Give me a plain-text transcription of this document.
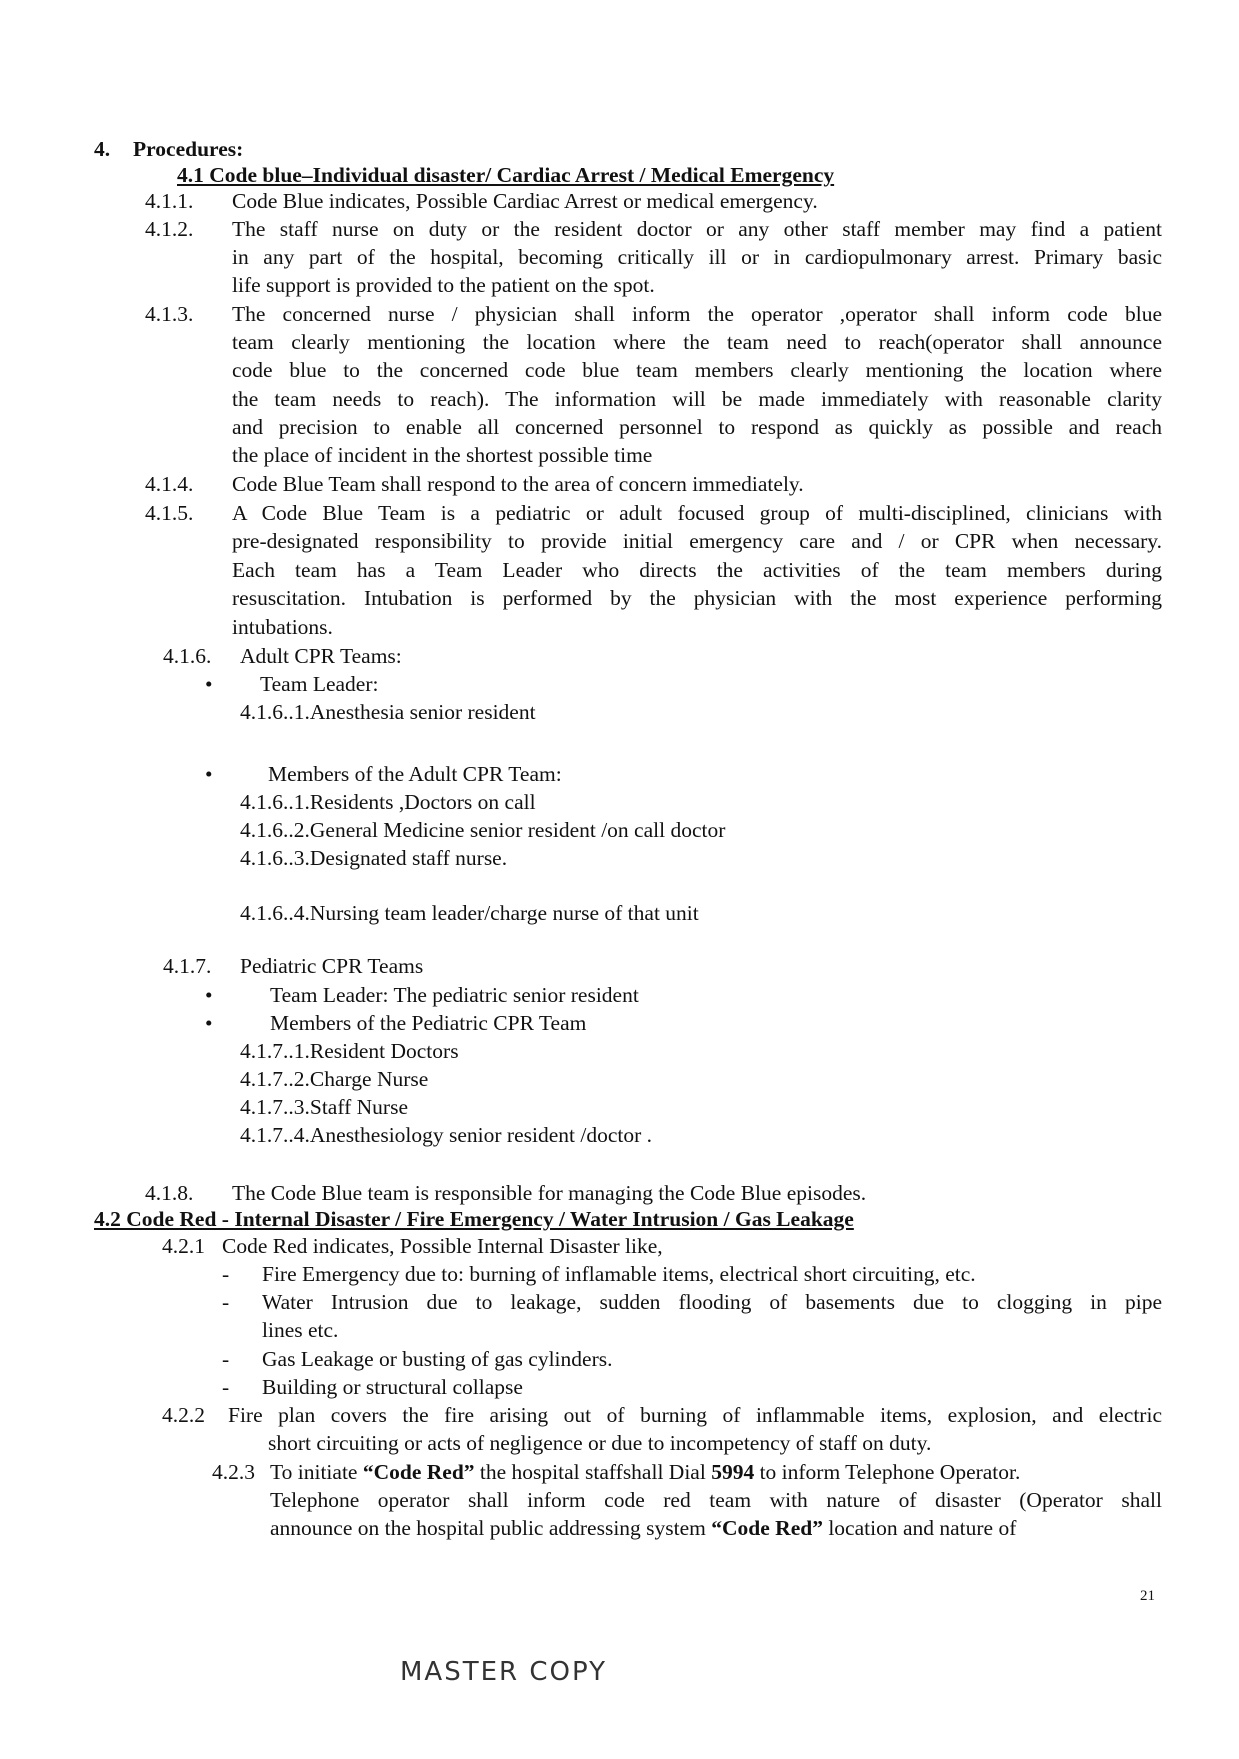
4. Procedures:
4.1 Code blue–Individual disaster/ Cardiac Arrest / Medical Emergency
4.1.1. Code Blue indicates, Possible Cardiac Arrest or medical emergency.
4.1.2. The staff nurse on duty or the resident doctor or any other staff member may find a patient
in any part of the hospital, becoming critically ill or in cardiopulmonary arrest. Primary basic
life support is provided to the patient on the spot.
4.1.3. The concerned nurse / physician shall inform the operator ,operator shall inform code blue
team clearly mentioning the location where the team need to reach(operator shall announce
code blue to the concerned code blue team members clearly mentioning the location where
the team needs to reach). The information will be made immediately with reasonable clarity
and precision to enable all concerned personnel to respond as quickly as possible and reach
the place of incident in the shortest possible time
4.1.4. Code Blue Team shall respond to the area of concern immediately.
4.1.5. A Code Blue Team is a pediatric or adult focused group of multi-disciplined, clinicians with
pre-designated responsibility to provide initial emergency care and / or CPR when necessary.
Each team has a Team Leader who directs the activities of the team members during
resuscitation. Intubation is performed by the physician with the most experience performing
intubations.
4.1.6. Adult CPR Teams:
• Team Leader:
4.1.6..1.Anesthesia senior resident
•	Members of the Adult CPR Team:
4.1.6..1.Residents ,Doctors on call
4.1.6..2.General Medicine senior resident /on call doctor
4.1.6..3.Designated staff nurse.
4.1.6..4.Nursing team leader/charge nurse of that unit
4.1.7. Pediatric CPR Teams
•	Team Leader: The pediatric senior resident
•	Members of the Pediatric CPR Team
4.1.7..1.Resident Doctors
4.1.7..2.Charge Nurse
4.1.7..3.Staff Nurse
4.1.7..4.Anesthesiology senior resident /doctor .
4.1.8. The Code Blue team is responsible for managing the Code Blue episodes.
4.2 Code Red - Internal Disaster / Fire Emergency / Water Intrusion / Gas Leakage
4.2.1 Code Red indicates, Possible Internal Disaster like,
- Fire Emergency due to: burning of inflamable items, electrical short circuiting, etc.
- Water Intrusion due to leakage, sudden flooding of basements due to clogging in pipe
lines etc.
- Gas Leakage or busting of gas cylinders.
- Building or structural collapse
4.2.2 Fire plan covers the fire arising out of burning of inflammable items, explosion, and electric
short circuiting or acts of negligence or due to incompetency of staff on duty.
4.2.3 To initiate “Code Red” the hospital staffshall Dial 5994 to inform Telephone Operator.
Telephone operator shall inform code red team with nature of disaster (Operator shall
announce on the hospital public addressing system “Code Red” location and nature of
21
MASTER COPY
